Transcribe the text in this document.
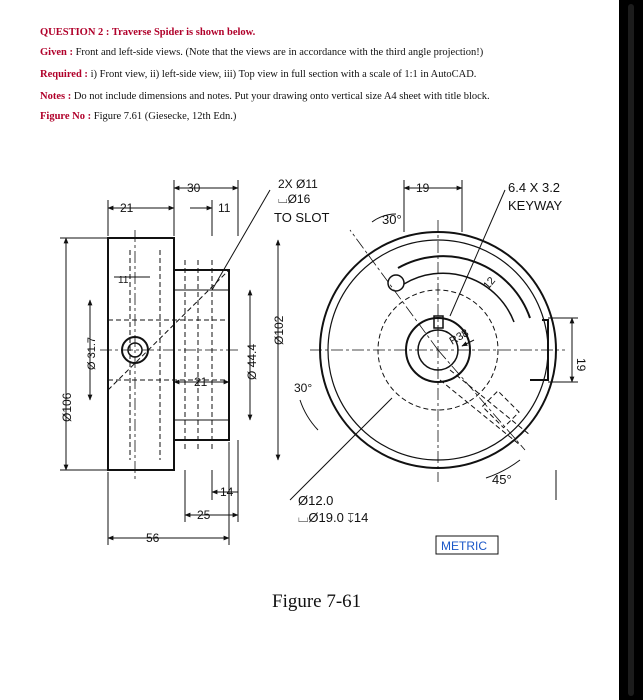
QUESTION 2 : Traverse Spider is shown below.
Given : Front and left-side views. (Note that the views are in accordance with the third angle projection!)
Required : i) Front view, ii) left-side view, iii) Top view in full section with a scale of 1:1 in AutoCAD.
Notes : Do not include dimensions and notes. Put your drawing onto vertical size A4 sheet with title block.
Figure No : Figure 7.61 (Giesecke, 12th Edn.)
21
30
11
11
2X Ø11
⌴Ø16
TO SLOT
Ø 31.7
Ø106
Ø 44.4
Ø102
21	30°
14
25
56
Ø12.0
⌴Ø19.0 ↧14
19	6.4 X 3.2
KEYWAY
30°
12
R38
19
45°
METRIC
Figure 7-61
